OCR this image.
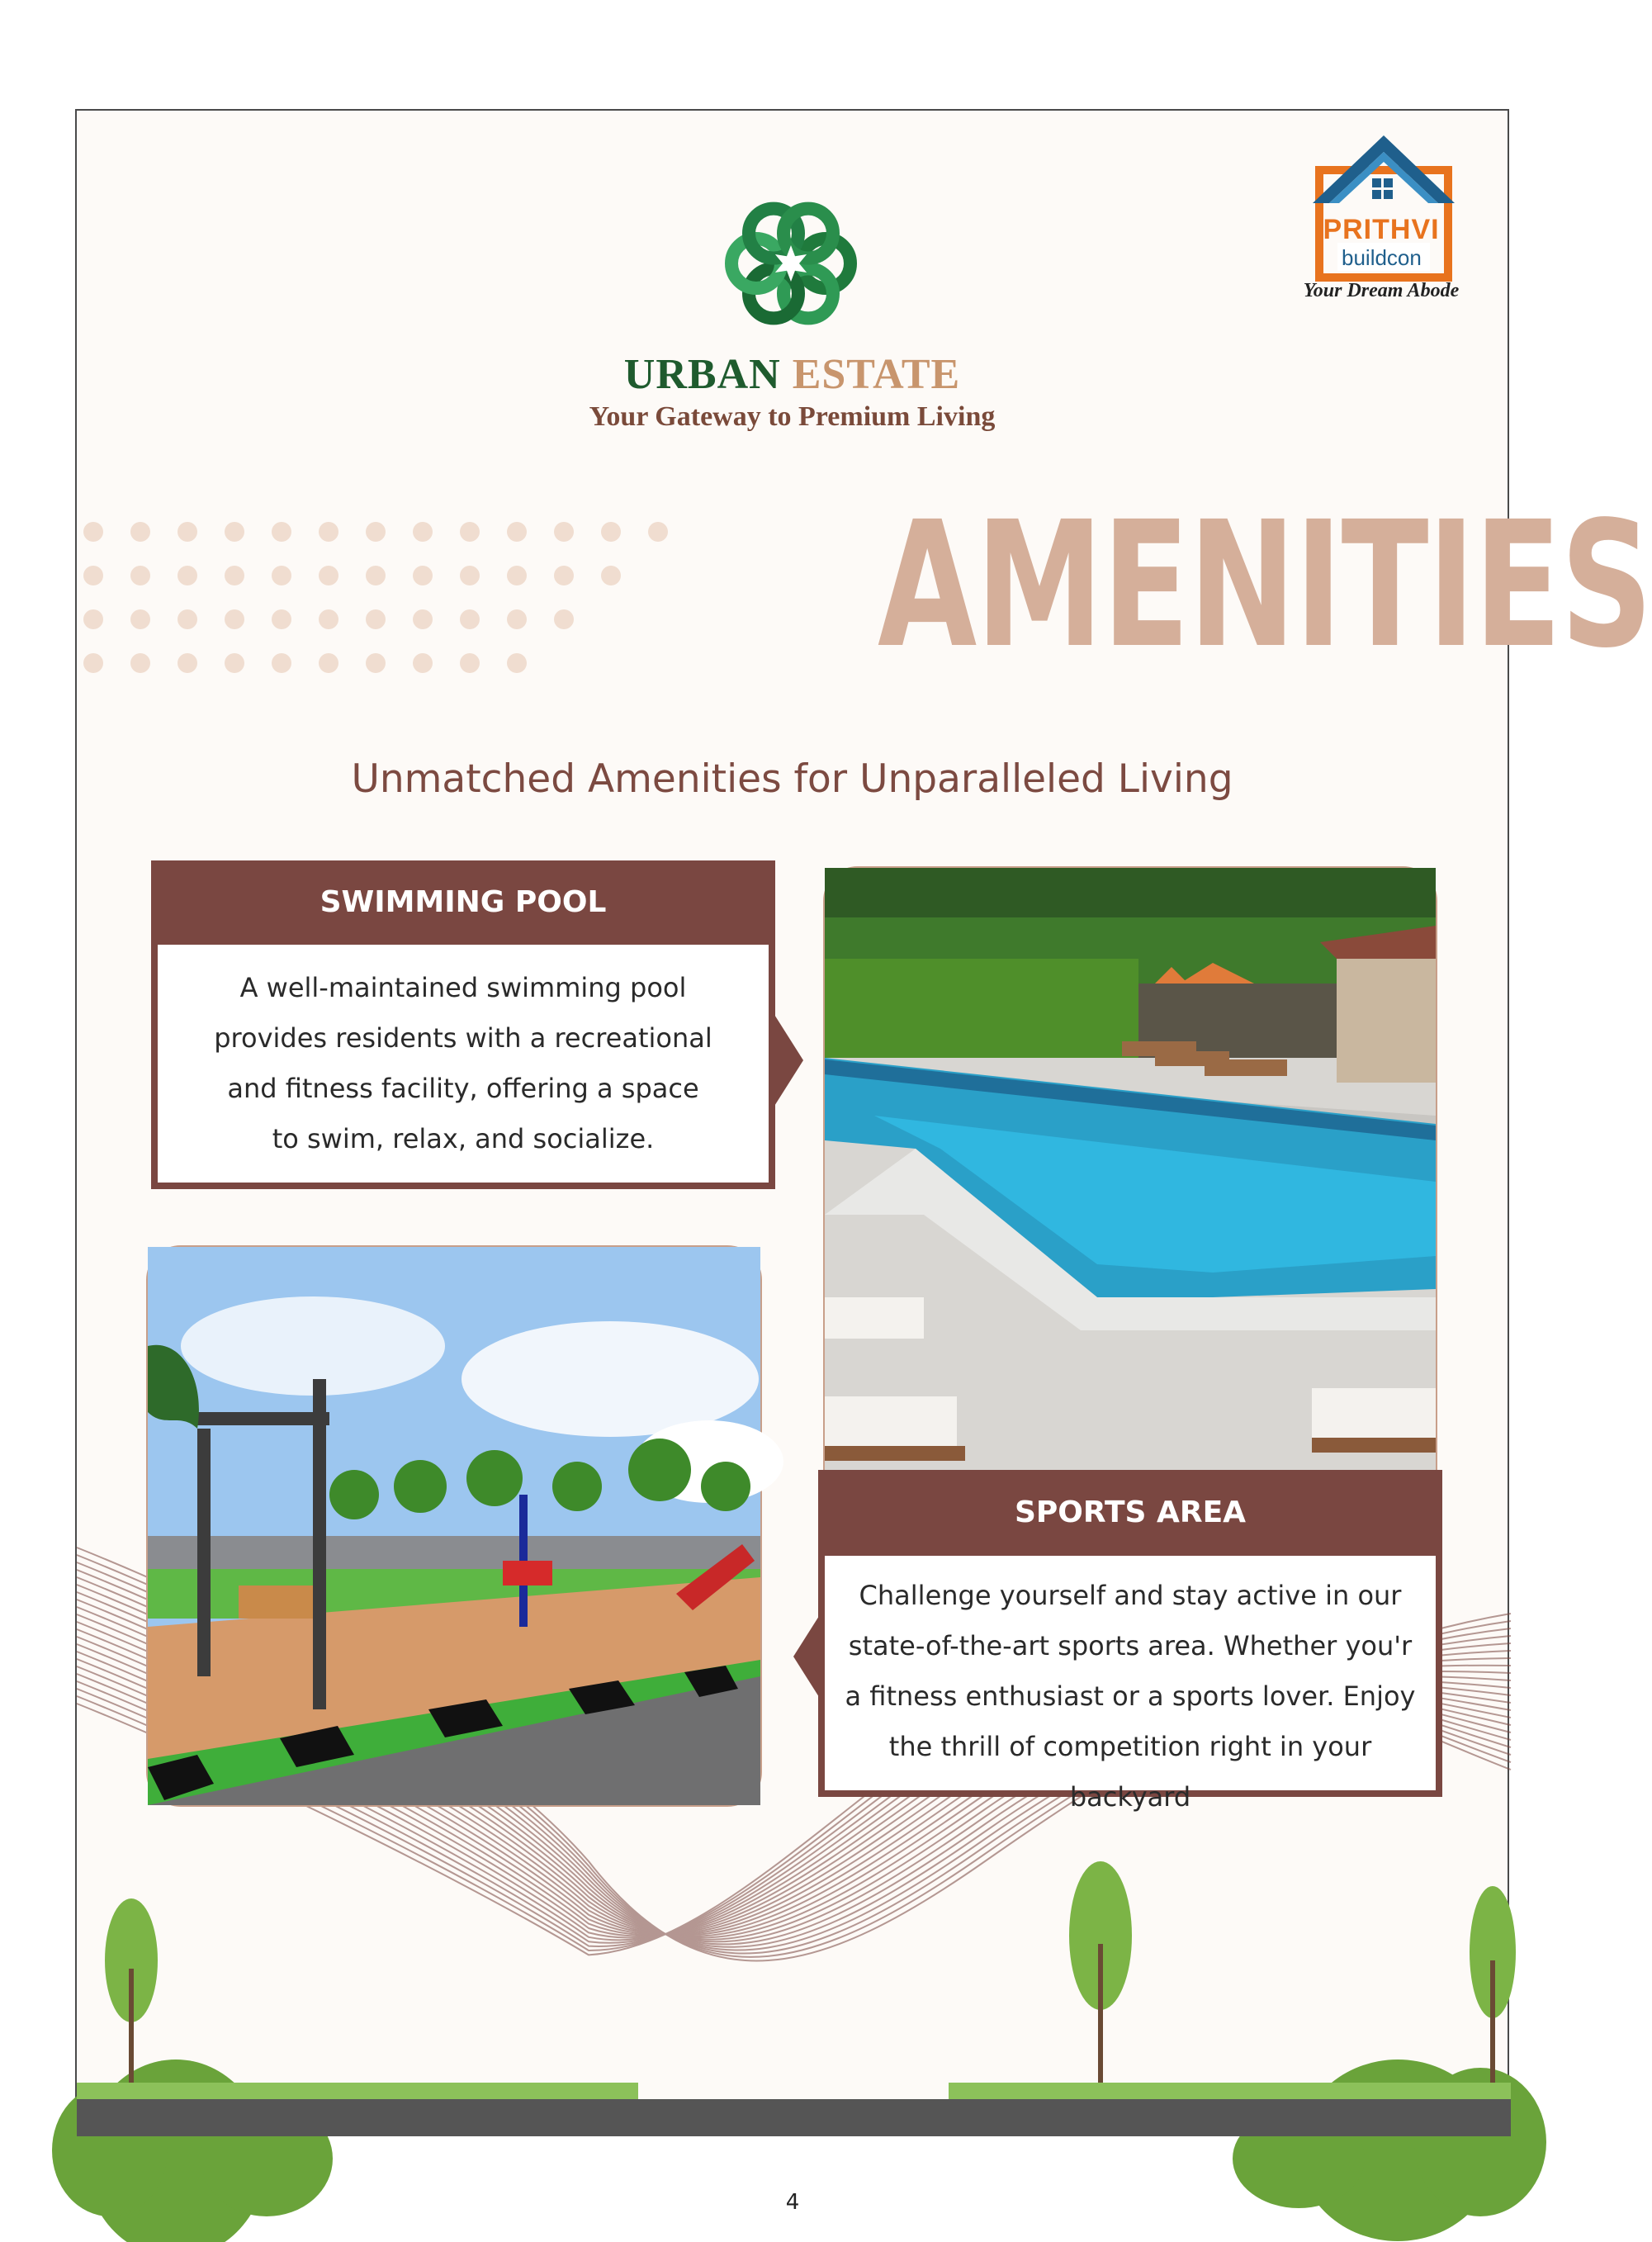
URBAN ESTATE
Your Gateway to Premium Living
PRITHVI
buildcon
Your Dream Abode
AMENITIES
Unmatched Amenities for Unparalleled Living
SWIMMING POOL
A well-maintained swimming pool
provides residents with a recreational
and fitness facility, offering a space
to swim, relax, and socialize.
SPORTS AREA
Challenge yourself and stay active in our
state-of-the-art sports area. Whether you'r
a fitness enthusiast or a sports lover. Enjoy
the thrill of competition right in your backyard
4
